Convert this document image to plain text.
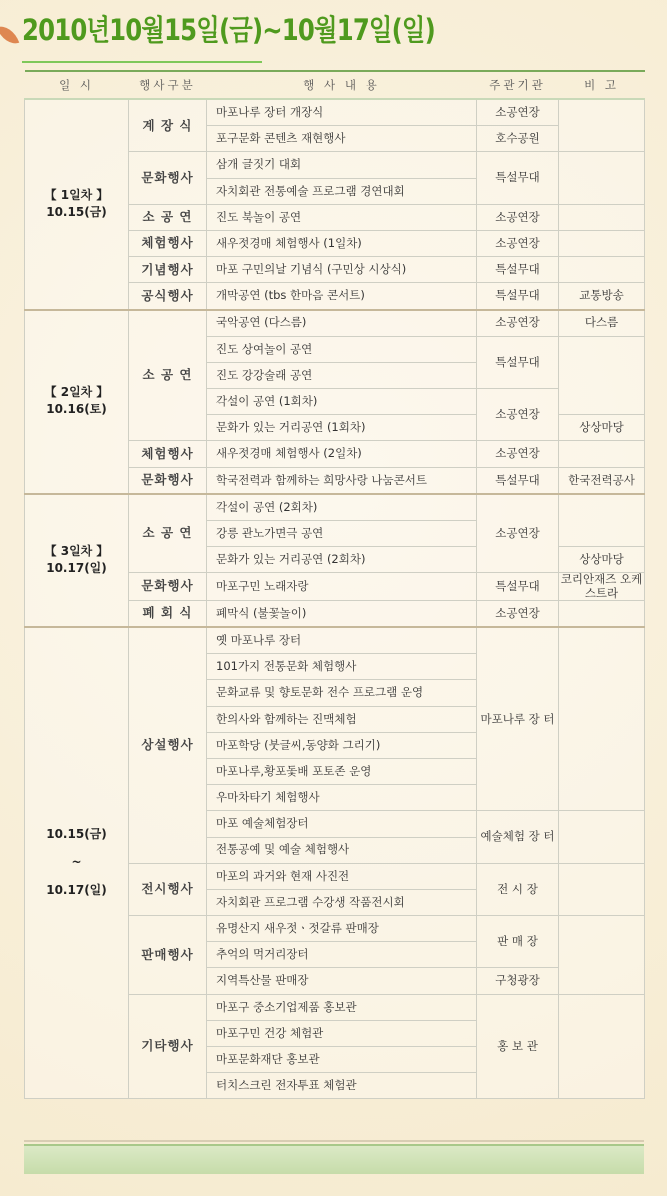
2010년10월15일(금)~10월17일(일)
일 시	행사구분	행 사 내 용	주관기관	비 고
【 1일차 】
10.15(금)	계 장 식	마포나루 장터 개장식	소공연장	
		포구문화 콘텐츠 재현행사	호수공원	
	문화행사	삼개 글짓기 대회	특설무대	
		자치회관 전통예술 프로그램 경연대회		
	소 공 연	진도 북놀이 공연	소공연장	
	체험행사	새우젓경매 체험행사 (1일차)	소공연장	
	기념행사	마포 구민의날 기념식 (구민상 시상식)	특설무대	
	공식행사	개막공연 (tbs 한마음 콘서트)	특설무대	교통방송
【 2일차 】
10.16(토)	소 공 연	국악공연 (다스름)	소공연장	다스름
		진도 상여놀이 공연	특설무대	
		진도 강강술래 공연		
		각설이 공연 (1회차)	소공연장	
		문화가 있는 거리공연 (1회차)		상상마당
	체험행사	새우젓경매 체험행사 (2일차)	소공연장	
	문화행사	학국전력과 함께하는 희망사랑 나눔콘서트	특설무대	한국전력공사
【 3일차 】
10.17(일)	소 공 연	각설이 공연 (2회차)	소공연장	
		강릉 관노가면극 공연		
		문화가 있는 거리공연 (2회차)		상상마당
	문화행사	마포구민 노래자랑	특설무대	코리안재즈 오케스트라

	폐 회 식	폐막식 (불꽃놀이)	소공연장	
10.15(금)
~
10.17(일)	상설행사	옛 마포나루 장터	마포나루 장 터	
		101가지 전통문화 체험행사		
		문화교류 및 향토문화 전수 프로그램 운영		
		한의사와 함께하는 진맥체험		
		마포학당 (붓글씨,동양화 그리기)		
		마포나루,황포돛배 포토존 운영		
		우마차타기 체험행사		
		마포 예술체험장터	예술체험 장 터	
		전통공예 및 예술 체험행사		
	전시행사	마포의 과거와 현재 사진전	전 시 장	
		자치회관 프로그램 수강생 작품전시회		
	판매행사	유명산지 새우젓ㆍ젓갈류 판매장	판 매 장	
		추억의 먹거리장터		
		지역특산물 판매장	구청광장	
	기타행사	마포구 중소기업제품 홍보관	홍 보 관	
		마포구민 건강 체험관		
		마포문화재단 홍보관		
		터치스크린 전자투표 체험관		
